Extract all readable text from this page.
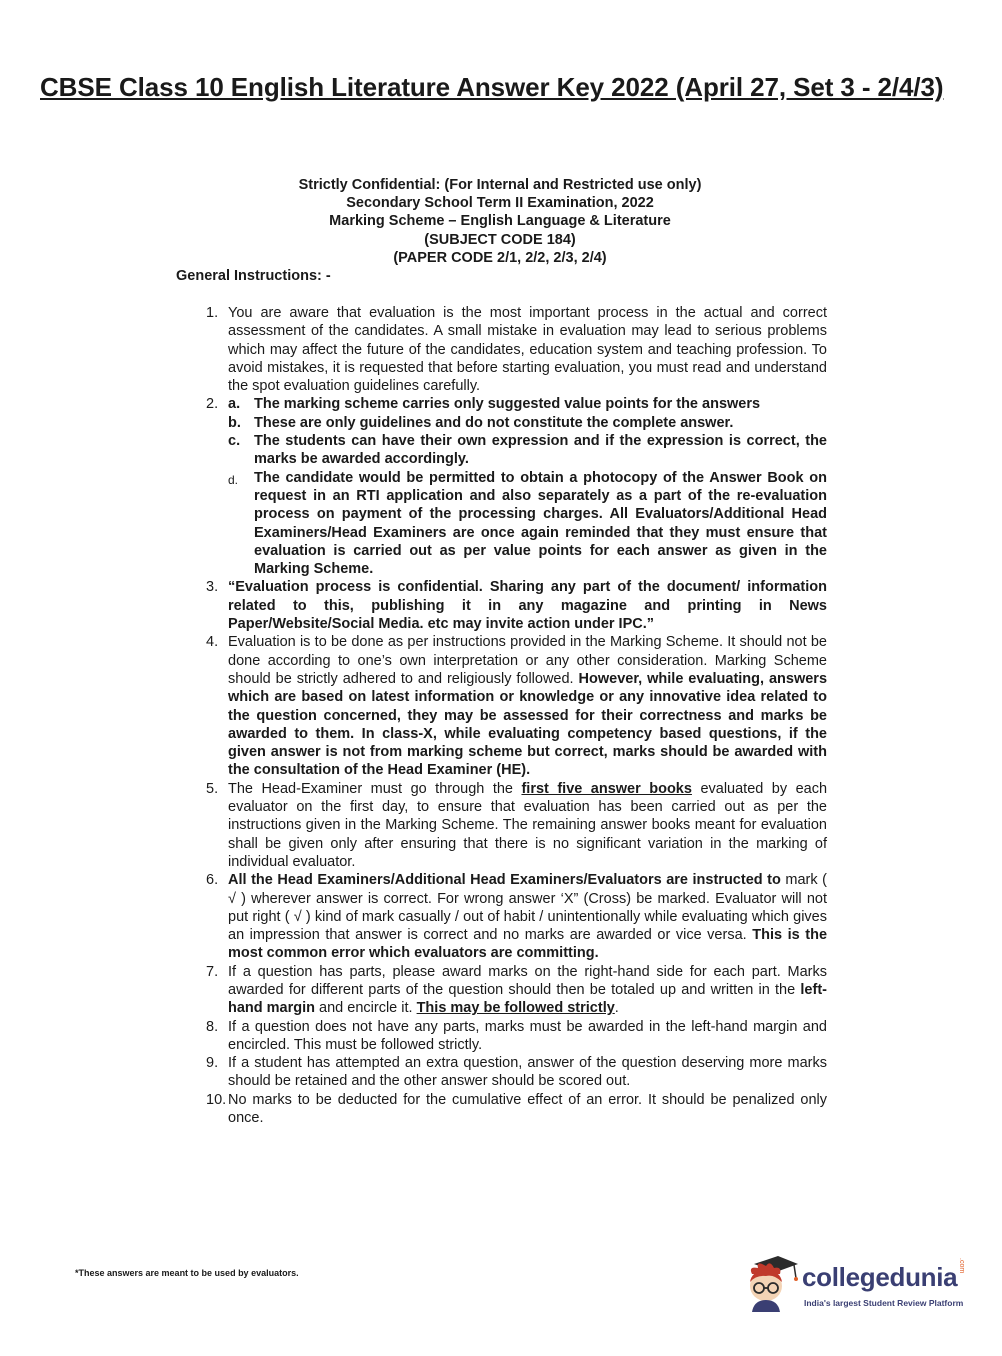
CBSE Class 10 English Literature Answer Key 2022 (April 27, Set 3 - 2/4/3)
Strictly Confidential: (For Internal and Restricted use only)
Secondary School Term II Examination, 2022
Marking Scheme – English Language & Literature
(SUBJECT CODE 184)
(PAPER CODE 2/1, 2/2, 2/3, 2/4)
General Instructions: -
1. You are aware that evaluation is the most important process in the actual and correct assessment of the candidates. A small mistake in evaluation may lead to serious problems which may affect the future of the candidates, education system and teaching profession. To avoid mistakes, it is requested that before starting evaluation, you must read and understand the spot evaluation guidelines carefully.
2. a. The marking scheme carries only suggested value points for the answers
b. These are only guidelines and do not constitute the complete answer.
c. The students can have their own expression and if the expression is correct, the marks be awarded accordingly.
d.	The candidate would be permitted to obtain a photocopy of the Answer Book on request in an RTI application and also separately as a part of the re-evaluation process on payment of the processing charges. All Evaluators/Additional Head Examiners/Head Examiners are once again reminded that they must ensure that evaluation is carried out as per value points for each answer as given in the Marking Scheme.
3. “Evaluation process is confidential. Sharing any part of the document/ information related to this, publishing it in any magazine and printing in News Paper/Website/Social Media. etc may invite action under IPC.”
4. Evaluation is to be done as per instructions provided in the Marking Scheme. It should not be done according to one’s own interpretation or any other consideration. Marking Scheme should be strictly adhered to and religiously followed. However, while evaluating, answers which are based on latest information or knowledge or any innovative idea related to the question concerned, they may be assessed for their correctness and marks be awarded to them. In class-X, while evaluating competency based questions, if the given answer is not from marking scheme but correct, marks should be awarded with the consultation of the Head Examiner (HE).
5. The Head-Examiner must go through the first five answer books evaluated by each evaluator on the first day, to ensure that evaluation has been carried out as per the instructions given in the Marking Scheme. The remaining answer books meant for evaluation shall be given only after ensuring that there is no significant variation in the marking of individual evaluator.
6. All the Head Examiners/Additional Head Examiners/Evaluators are instructed to mark ( √ ) wherever answer is correct. For wrong answer ‘X” (Cross) be marked. Evaluator will not put right ( √ ) kind of mark casually / out of habit / unintentionally while evaluating which gives an impression that answer is correct and no marks are awarded or vice versa. This is the most common error which evaluators are committing.
7. If a question has parts, please award marks on the right-hand side for each part. Marks awarded for different parts of the question should then be totaled up and written in the left-hand margin and encircle it. This may be followed strictly.
8. If a question does not have any parts, marks must be awarded in the left-hand margin and encircled. This must be followed strictly.
9. If a student has attempted an extra question, answer of the question deserving more marks should be retained and the other answer should be scored out.
10. No marks to be deducted for the cumulative effect of an error. It should be penalized only once.
*These answers are meant to be used by evaluators.	collegedunia .com
India's largest Student Review Platform
